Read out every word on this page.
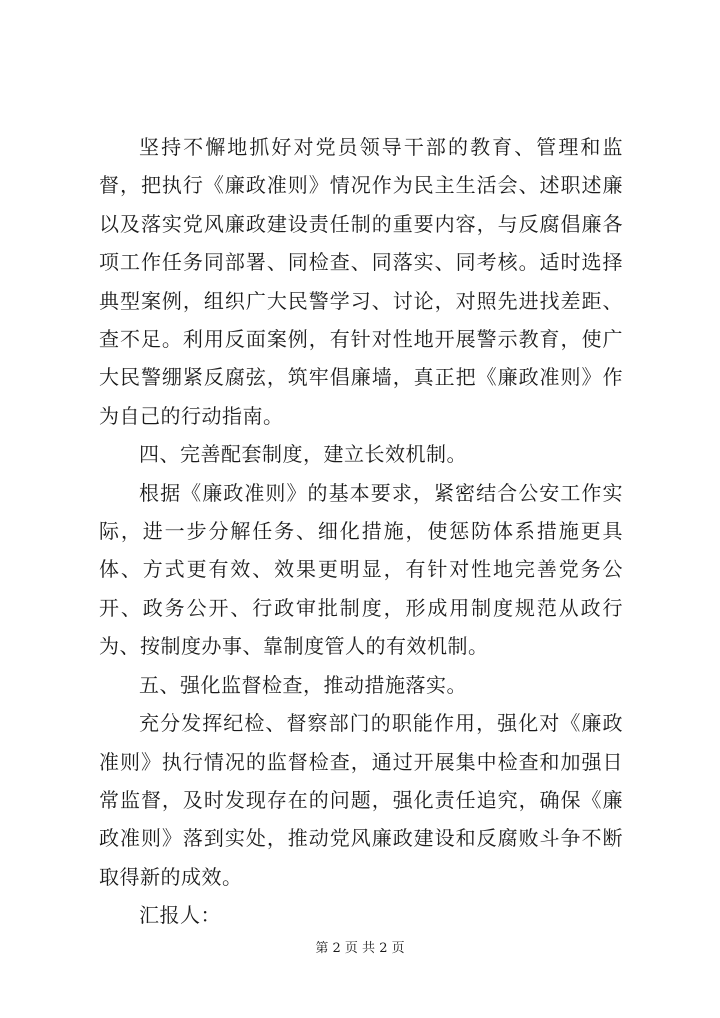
坚持不懈地抓好对党员领导干部的教育、管理和监督，把执行《廉政准则》情况作为民主生活会、述职述廉以及落实党风廉政建设责任制的重要内容，与反腐倡廉各项工作任务同部署、同检查、同落实、同考核。适时选择典型案例，组织广大民警学习、讨论，对照先进找差距、查不足。利用反面案例，有针对性地开展警示教育，使广大民警绷紧反腐弦，筑牢倡廉墙，真正把《廉政准则》作为自己的行动指南。

四、完善配套制度，建立长效机制。

根据《廉政准则》的基本要求，紧密结合公安工作实际，进一步分解任务、细化措施，使惩防体系措施更具体、方式更有效、效果更明显，有针对性地完善党务公开、政务公开、行政审批制度，形成用制度规范从政行为、按制度办事、靠制度管人的有效机制。

五、强化监督检查，推动措施落实。

充分发挥纪检、督察部门的职能作用，强化对《廉政准则》执行情况的监督检查，通过开展集中检查和加强日常监督，及时发现存在的问题，强化责任追究，确保《廉政准则》落到实处，推动党风廉政建设和反腐败斗争不断取得新的成效。

汇报人：

第 2 页 共 2 页
